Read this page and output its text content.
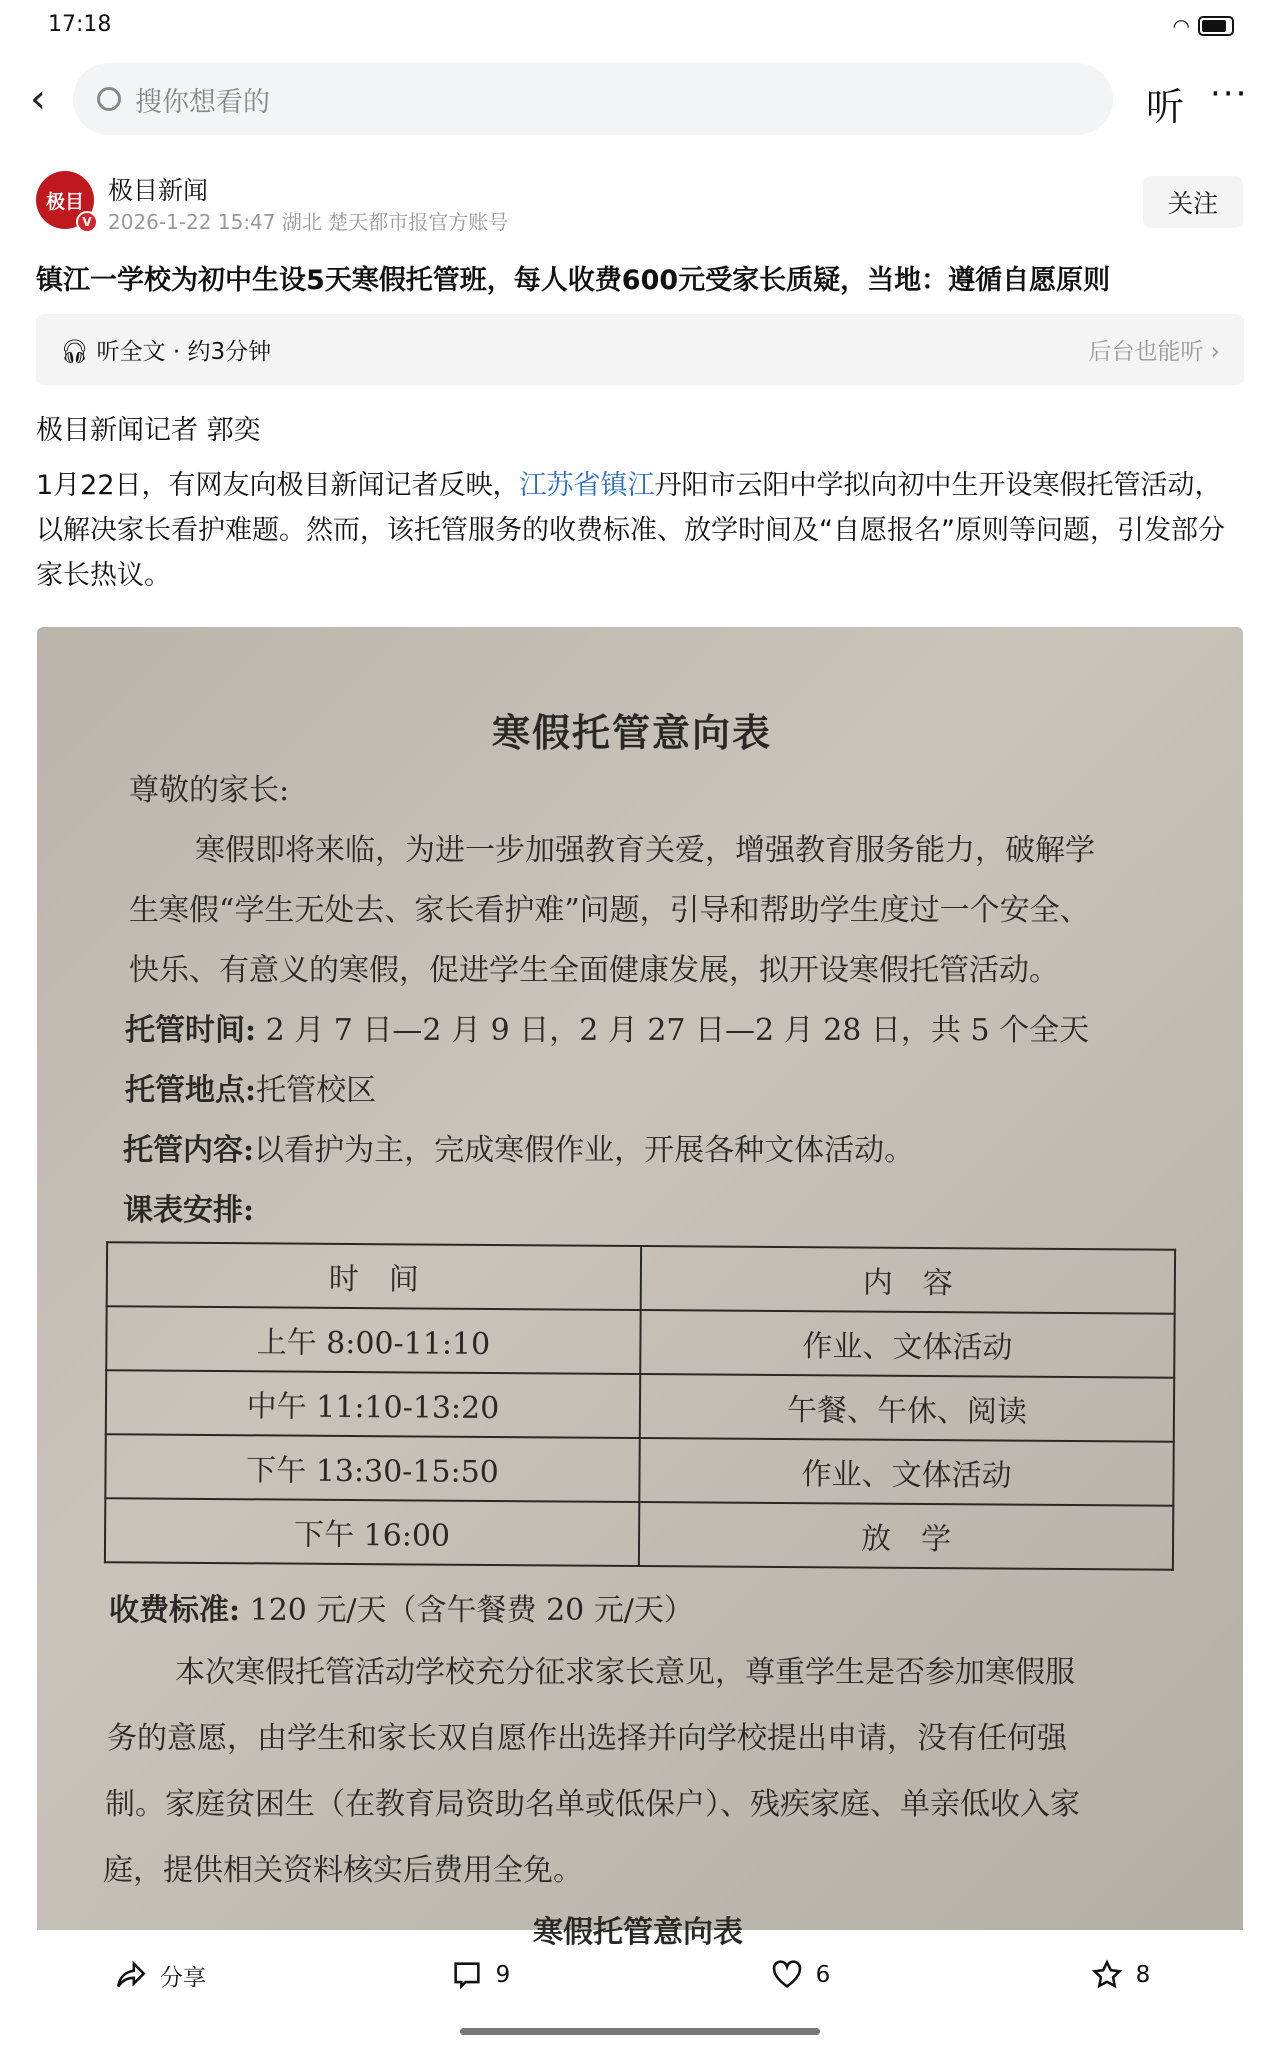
17:18	◠
‹	搜你想看的	听 ···
极目
V
极目新闻
2026-1-22 15:47 湖北 楚天都市报官方账号
关注
镇江一学校为初中生设5天寒假托管班，每人收费600元受家长质疑，当地：遵循自愿原则
🎧︎ 听全文 · 约3分钟	后台也能听 ›
极目新闻记者 郭奕
1月22日，有网友向极目新闻记者反映，江苏省镇江丹阳市云阳中学拟向初中生开设寒假托管活动，以解决家长看护难题。然而，该托管服务的收费标准、放学时间及“自愿报名”原则等问题，引发部分家长热议。
寒假托管意向表
尊敬的家长:
寒假即将来临，为进一步加强教育关爱，增强教育服务能力，破解学
生寒假“学生无处去、家长看护难”问题，引导和帮助学生度过一个安全、
快乐、有意义的寒假，促进学生全面健康发展，拟开设寒假托管活动。
托管时间: 2 月 7 日—2 月 9 日，2 月 27 日—2 月 28 日，共 5 个全天
托管地点:托管校区
托管内容:以看护为主，完成寒假作业，开展各种文体活动。
课表安排:
时　间	内　容
上午 8:00-11:10	作业、文体活动
中午 11:10-13:20	午餐、午休、阅读
下午 13:30-15:50	作业、文体活动
下午 16:00	放　学
收费标准: 120 元/天（含午餐费 20 元/天）
本次寒假托管活动学校充分征求家长意见，尊重学生是否参加寒假服
务的意愿，由学生和家长双自愿作出选择并向学校提出申请，没有任何强
制。家庭贫困生（在教育局资助名单或低保户）、残疾家庭、单亲低收入家
庭，提供相关资料核实后费用全免。
寒假托管意向表
分享	9	6	8
